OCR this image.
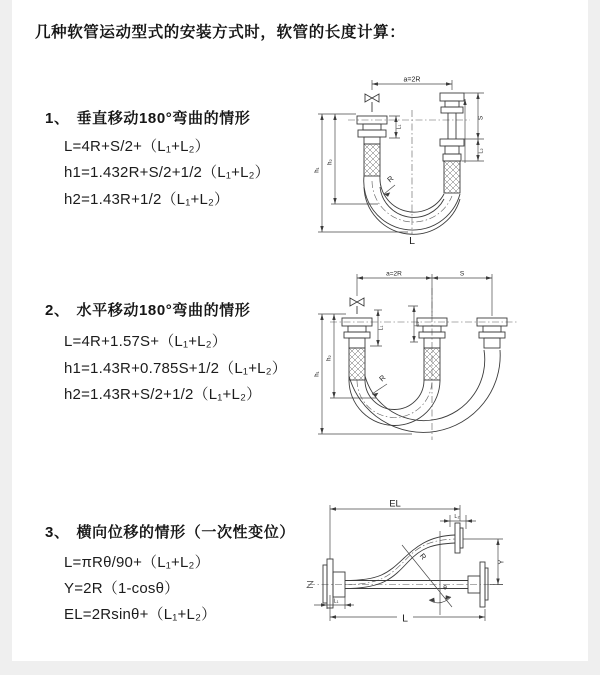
几种软管运动型式的安装方式时，软管的长度计算：
1、 垂直移动180°弯曲的情形
L=4R+S/2+（L₁+L₂）
h1=1.432R+S/2+1/2（L₁+L₂）
h2=1.43R+1/2（L₁+L₂）
a=2R
L₁
S
L₂
h₁
h₂
R
L
2、 水平移动180°弯曲的情形
L=4R+1.57S+（L₁+L₂）
h1=1.43R+0.785S+1/2（L₁+L₂）
h2=1.43R+S/2+1/2（L₁+L₂）
a=2R	S
L₁
L₂
h₁
h₂
R
3、 横向位移的情形（一次性变位）
L=πRθ/90+（L₁+L₂）
Y=2R（1-cosθ）
EL=2Rsinθ+（L₁+L₂）
EL
L₂
Y
L₁
L
R
θ
